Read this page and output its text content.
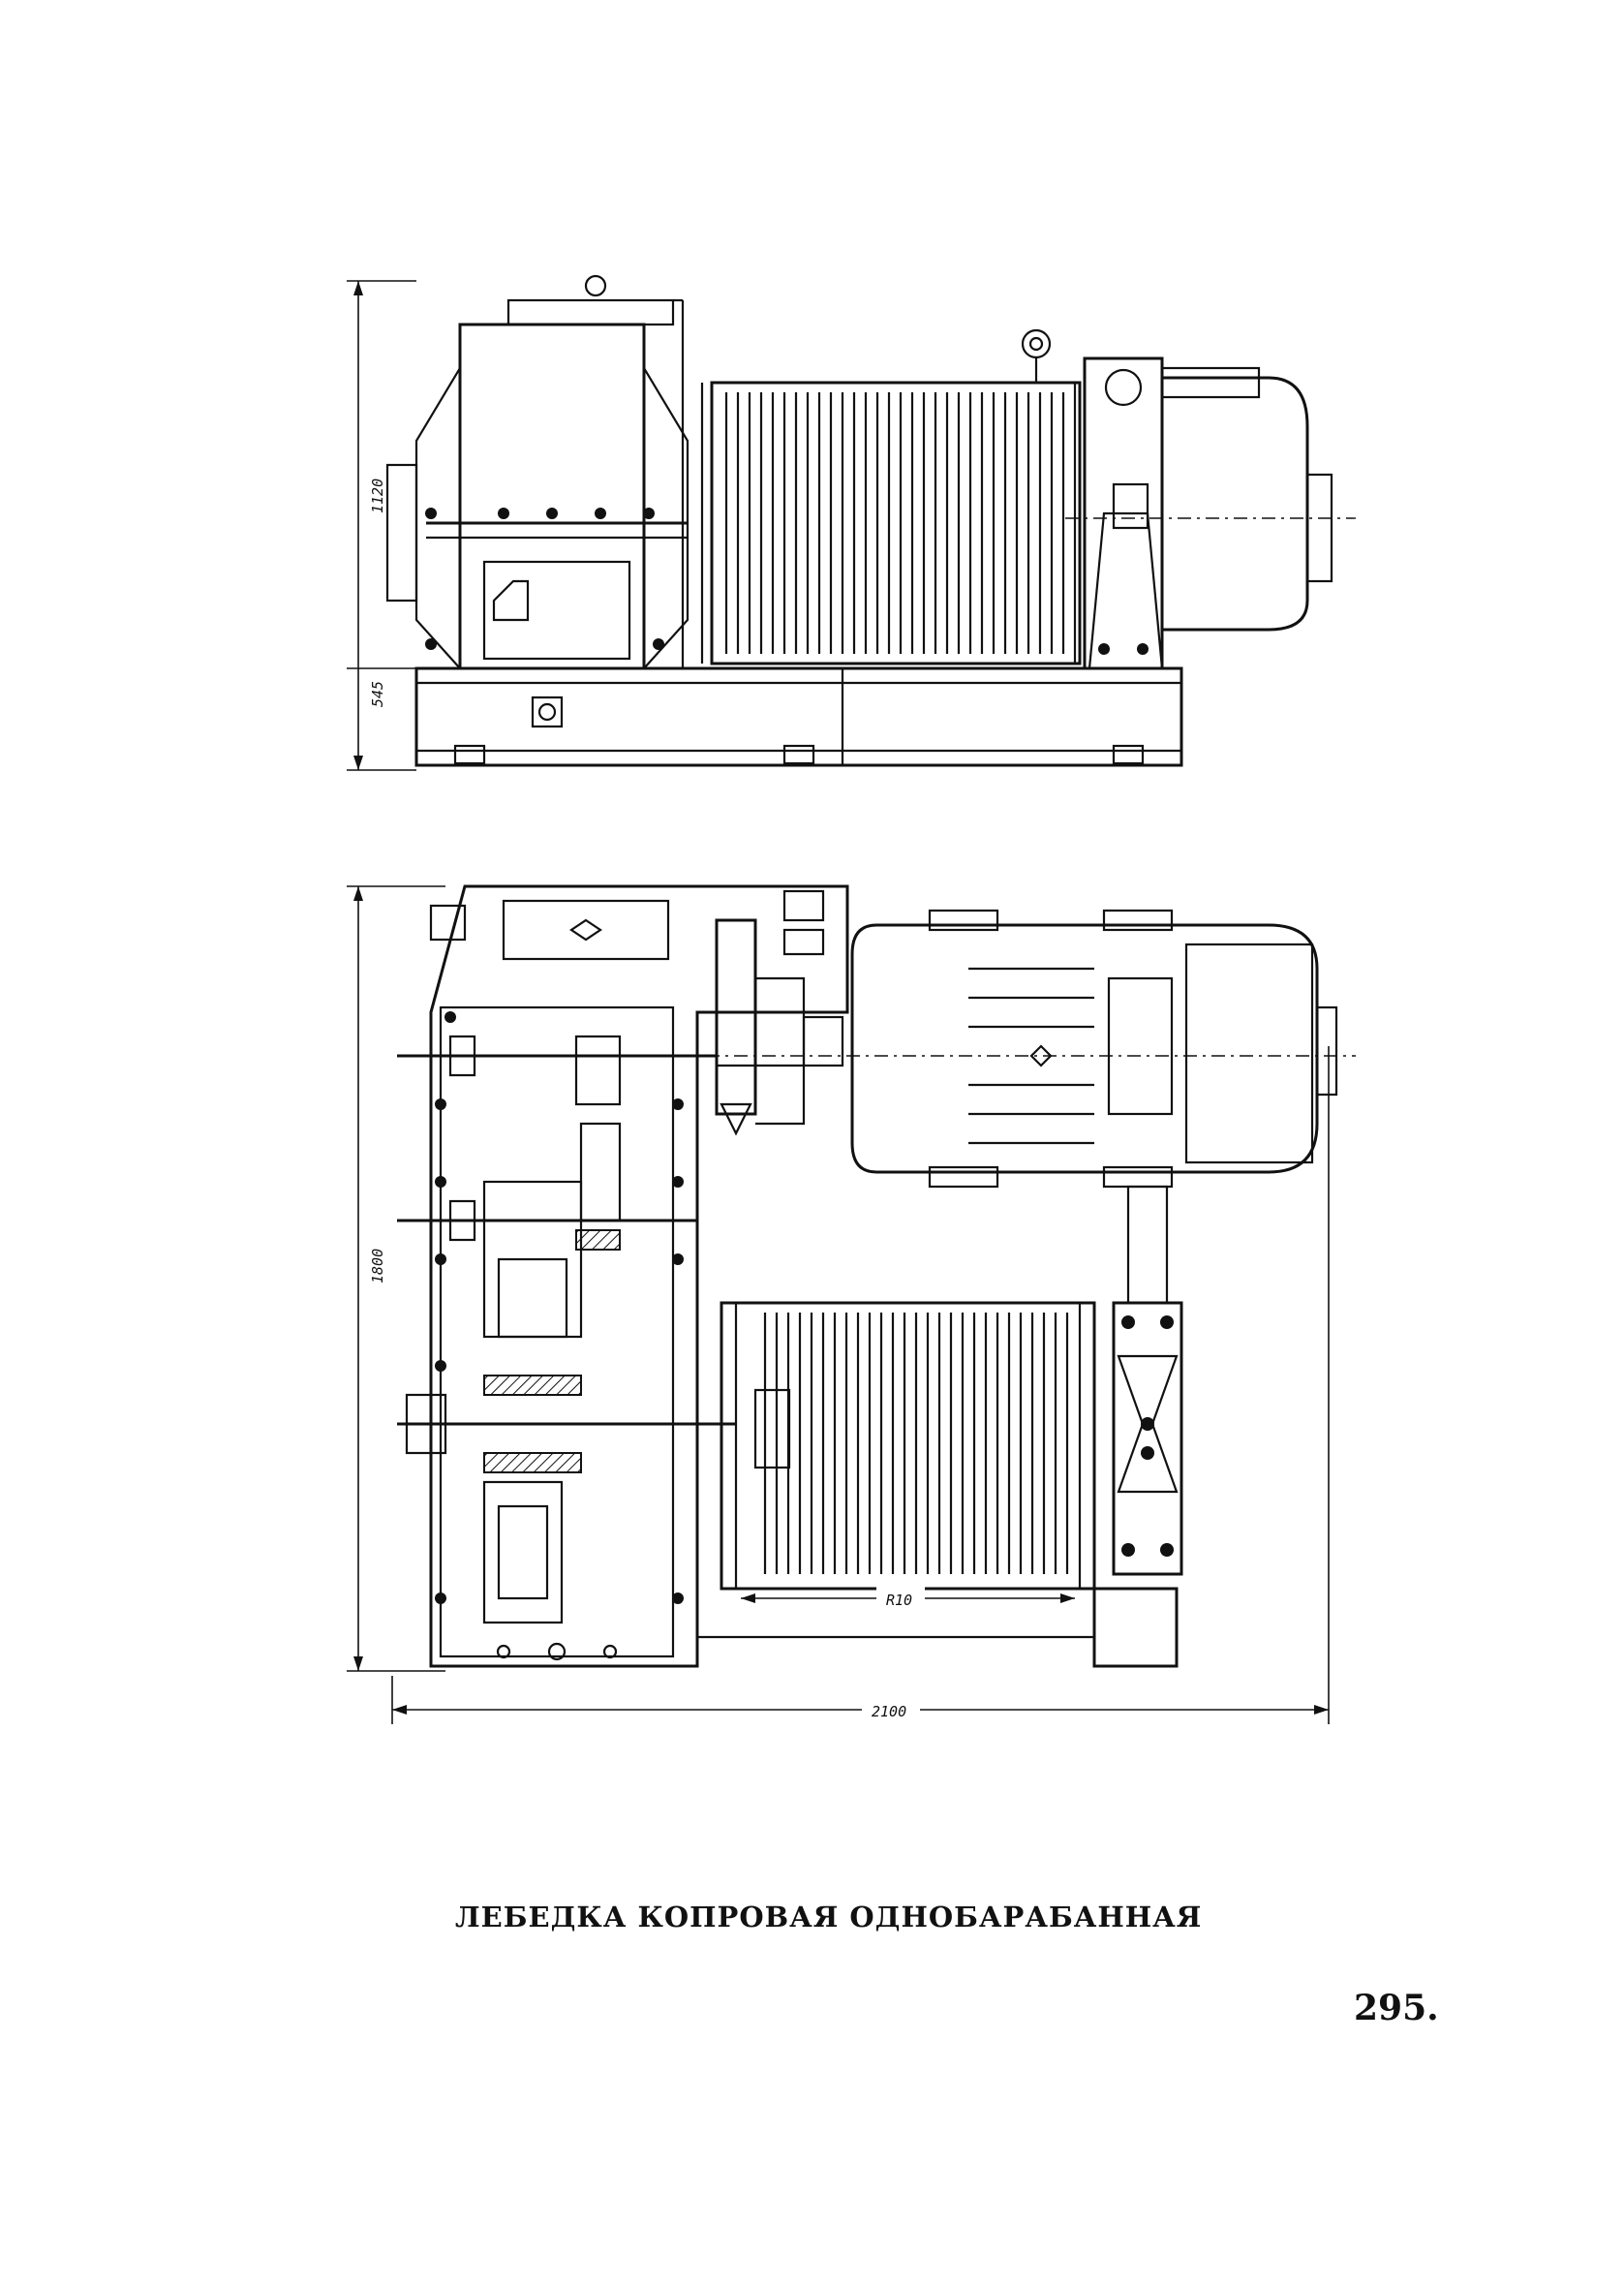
1120
545
1800
2100
R10
ЛЕБЕДКА КОПРОВАЯ ОДНОБАРАБАННАЯ
295.
